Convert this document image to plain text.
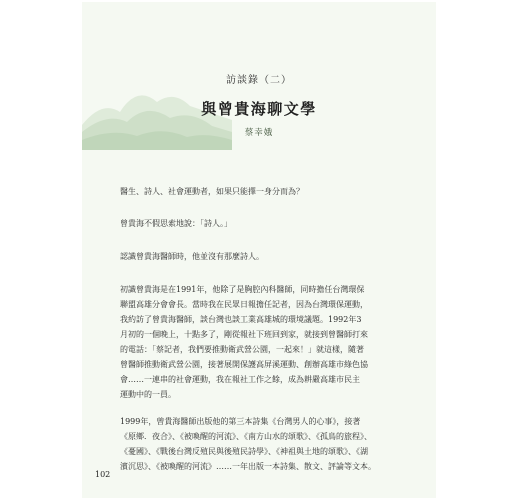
訪談錄（二）
與曾貴海聊文學
蔡幸娥
醫生、詩人、社會運動者，如果只能擇一身分而為？
曾貴海不假思索地說：「詩人。」
認識曾貴海醫師時，他並沒有那麼詩人。
初識曾貴海是在1991年，他除了是胸腔內科醫師，同時擔任台灣環保
聯盟高雄分會會長。當時我在民眾日報擔任記者，因為台灣環保運動，
我約訪了曾貴海醫師，談台灣也談工業高雄城的環境議題。1992年3
月初的一個晚上，十點多了，剛從報社下班回到家，就接到曾醫師打來
的電話：「蔡記者，我們要推動衛武營公園，一起來！」就這樣，隨著
曾醫師推動衛武營公園，接著展開保護高屏溪運動、創辦高雄市綠色協
會……一連串的社會運動，我在報社工作之餘，成為耕嚴高雄市民主
運動中的一員。
1999年，曾貴海醫師出版他的第三本詩集《台灣男人的心事》，接著
《原鄉．夜合》、《被喚醒的河流》、《南方山水的頌歌》、《孤鳥的旅程》、
《憂國》、《戰後台灣反殖民與後殖民詩學》、《神祖與土地的頌歌》、《湖
濱沉思》、《被喚醒的河流》……一年出版一本詩集、散文、評論等文本。
102
